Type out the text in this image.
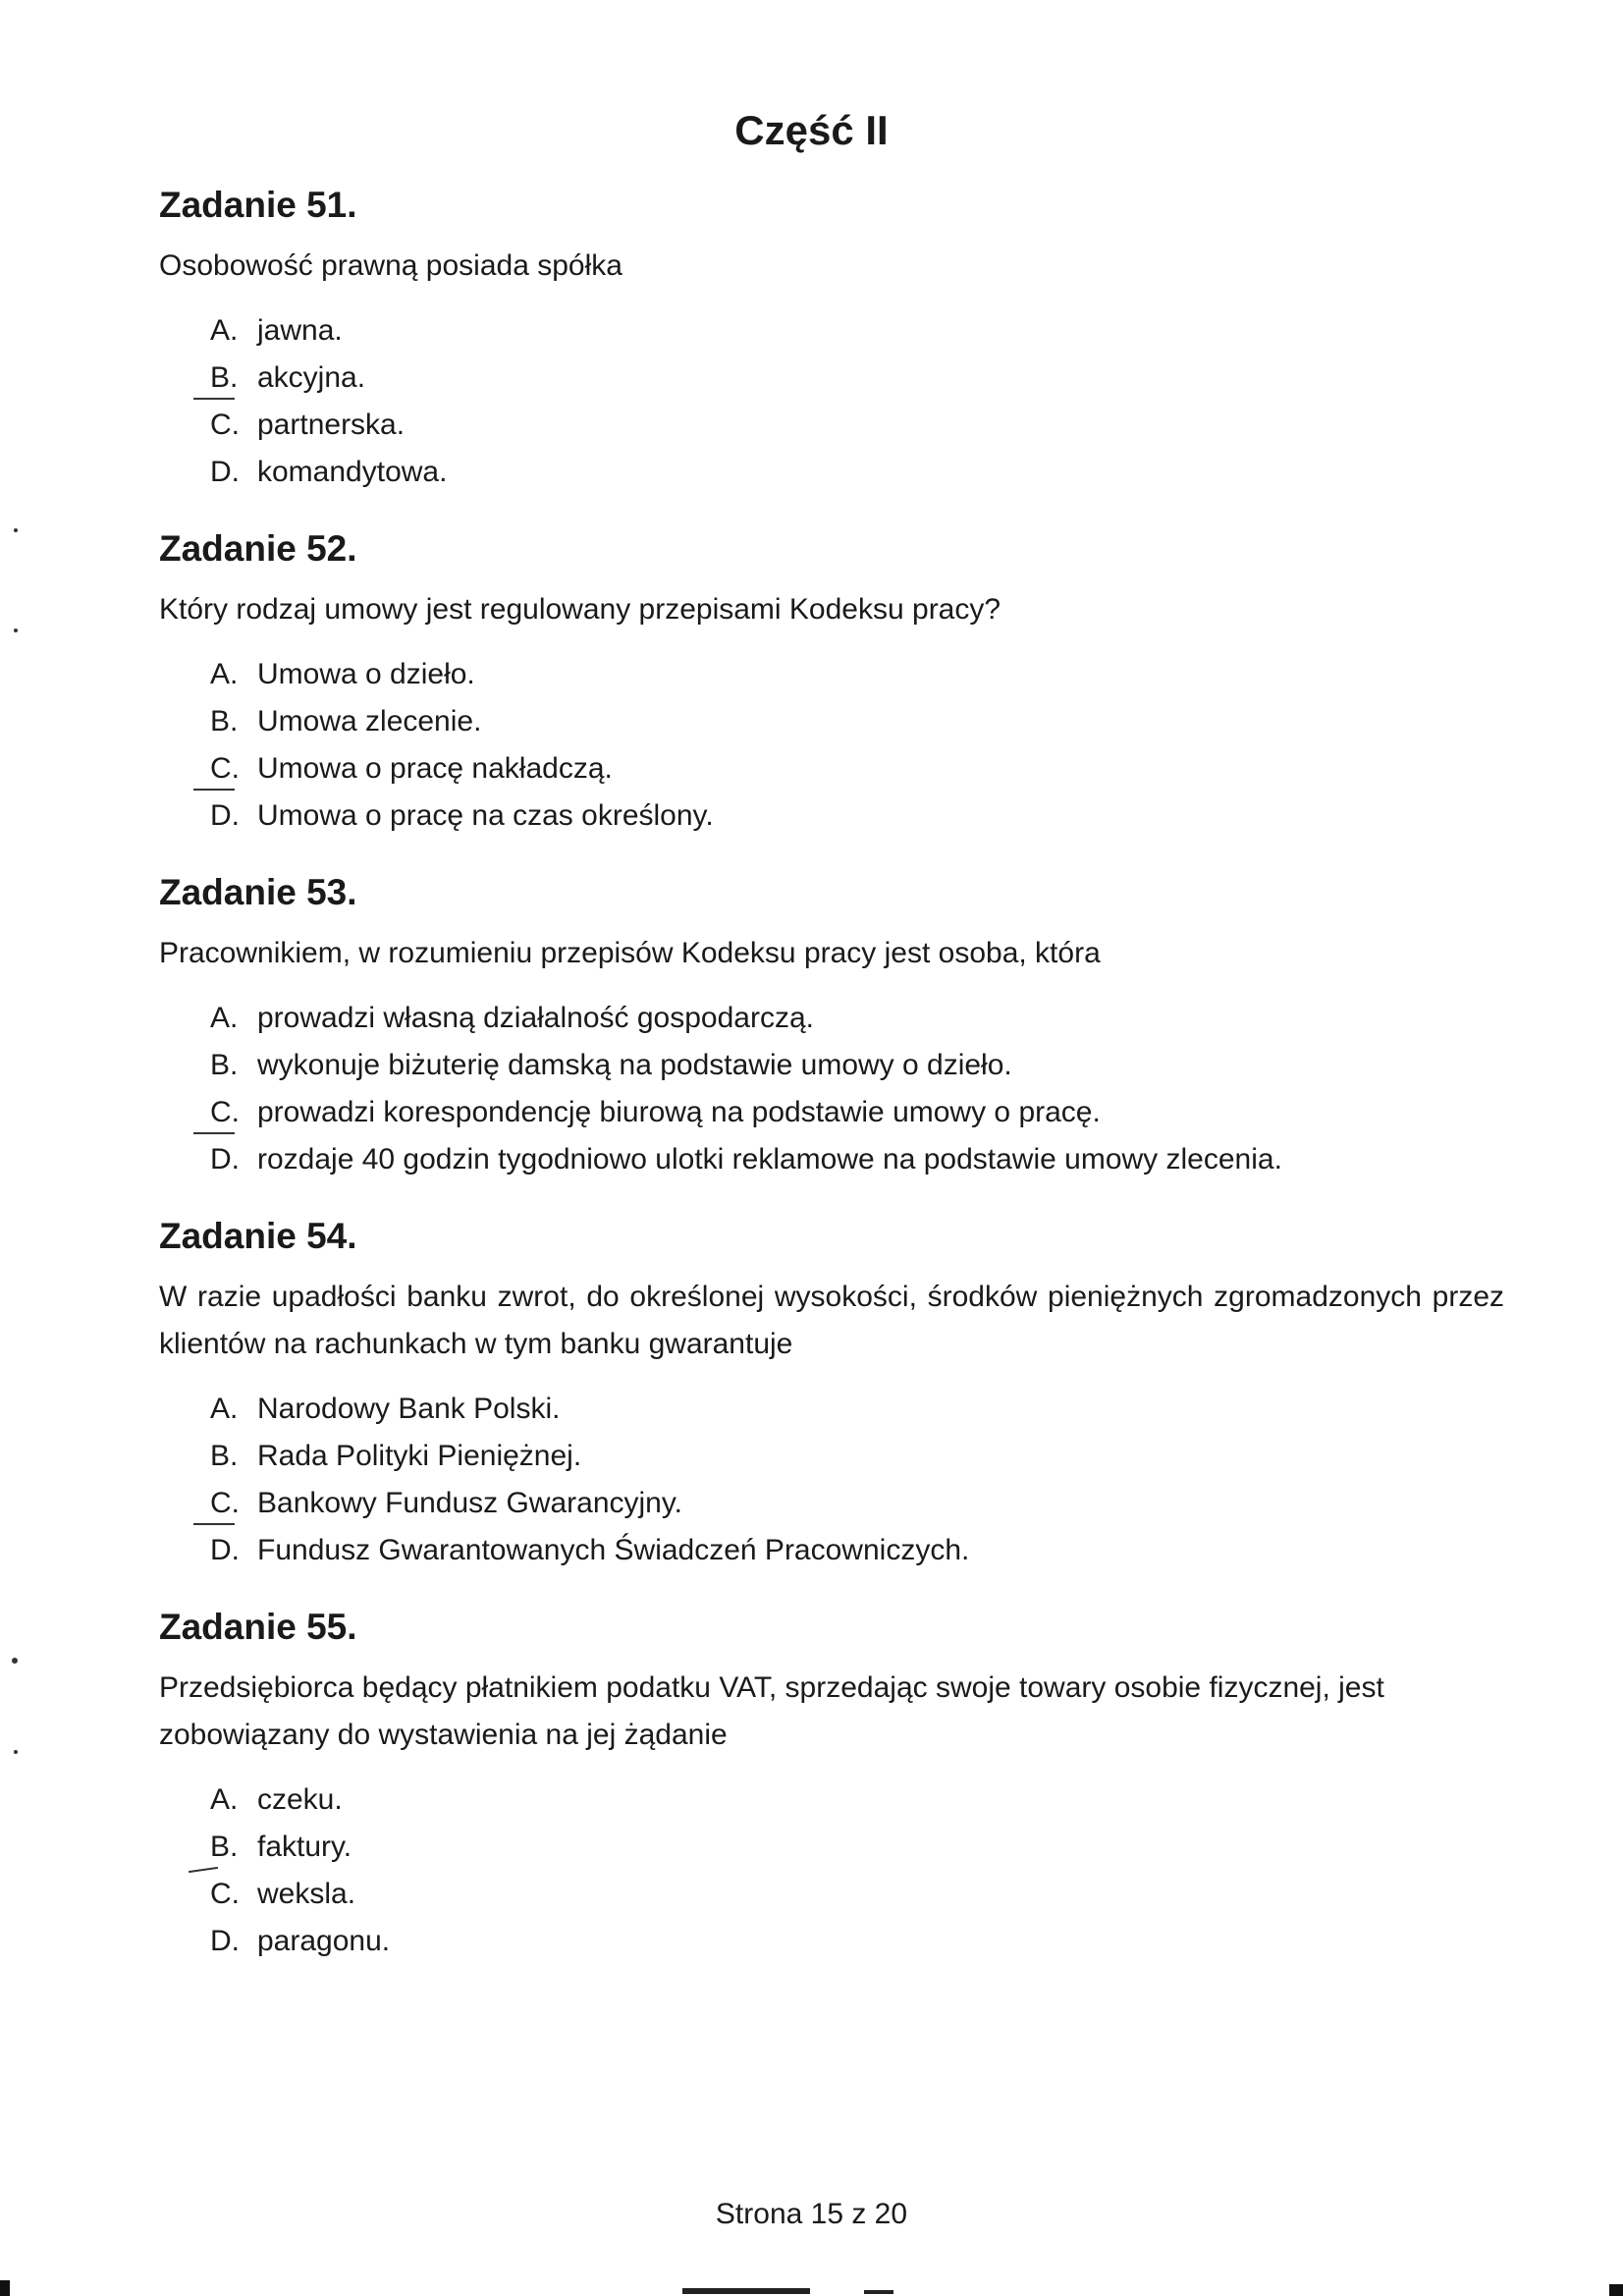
Część II
Zadanie 51.
Osobowość prawną posiada spółka
A. jawna.
B. akcyjna.
C. partnerska.
D. komandytowa.
Zadanie 52.
Który rodzaj umowy jest regulowany przepisami Kodeksu pracy?
A. Umowa o dzieło.
B. Umowa zlecenie.
C. Umowa o pracę nakładczą.
D. Umowa o pracę na czas określony.
Zadanie 53.
Pracownikiem, w rozumieniu przepisów Kodeksu pracy jest osoba, która
A. prowadzi własną działalność gospodarczą.
B. wykonuje biżuterię damską na podstawie umowy o dzieło.
C. prowadzi korespondencję biurową na podstawie umowy o pracę.
D. rozdaje 40 godzin tygodniowo ulotki reklamowe na podstawie umowy zlecenia.
Zadanie 54.
W razie upadłości banku zwrot, do określonej wysokości, środków pieniężnych zgromadzonych przez klientów na rachunkach w tym banku gwarantuje
A. Narodowy Bank Polski.
B. Rada Polityki Pieniężnej.
C. Bankowy Fundusz Gwarancyjny.
D. Fundusz Gwarantowanych Świadczeń Pracowniczych.
Zadanie 55.
Przedsiębiorca będący płatnikiem podatku VAT, sprzedając swoje towary osobie fizycznej, jest zobowiązany do wystawienia na jej żądanie
A. czeku.
B. faktury.
C. weksla.
D. paragonu.
Strona 15 z 20
